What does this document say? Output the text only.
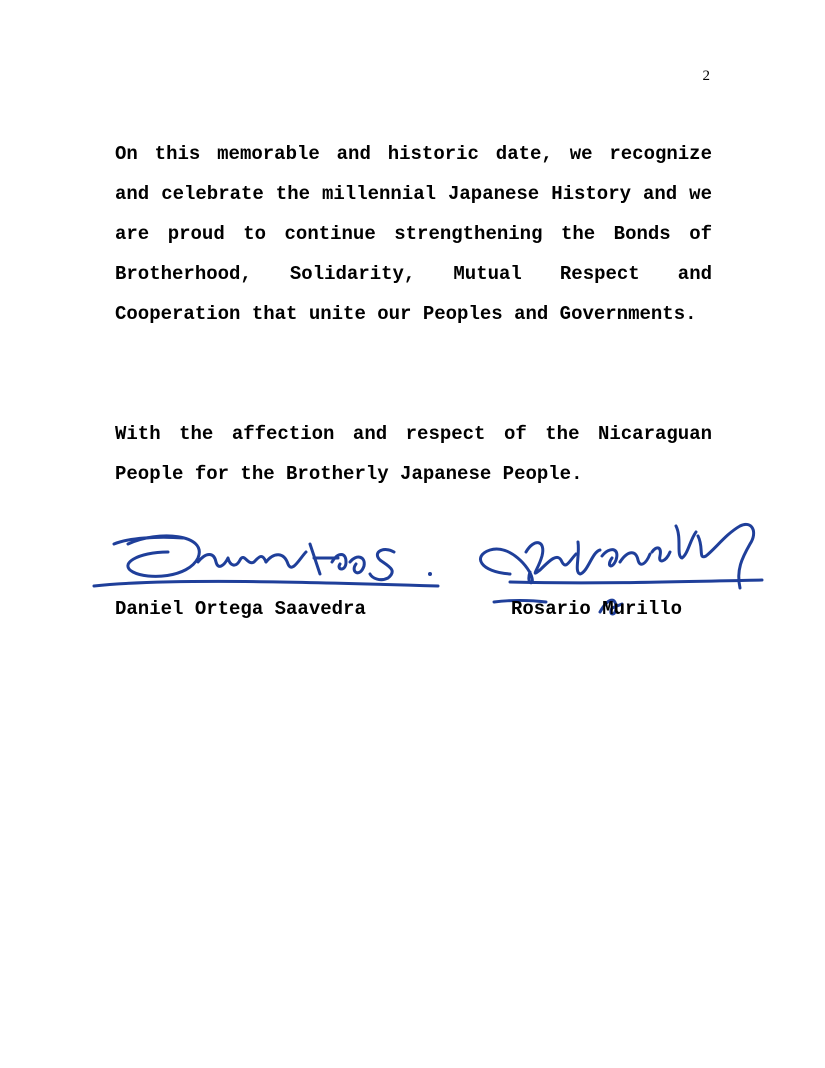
2

On this memorable and historic date, we recognize and celebrate the millennial Japanese History and we are proud to continue strengthening the Bonds of Brotherhood, Solidarity, Mutual Respect and Cooperation that unite our Peoples and Governments.

With the affection and respect of the Nicaraguan People for the Brotherly Japanese People.

Daniel Ortega Saavedra	Rosario Murillo
